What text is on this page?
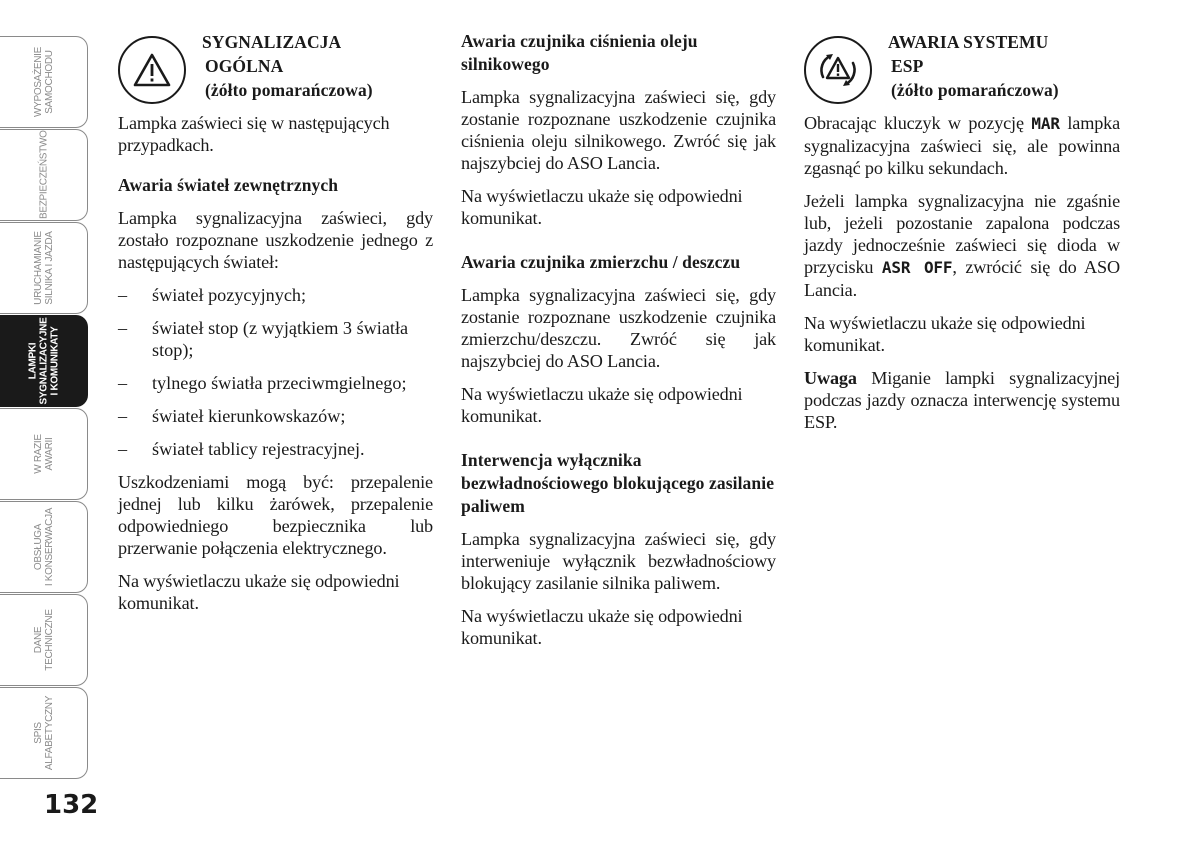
WYPOSAŻENIE SAMOCHODU
BEZPIECZEŃSTWO
URUCHAMIANIE SILNIKA I JAZDA
LAMPKI SYGNALIZACYJNE I KOMUNIKATY
W RAZIE AWARII
OBSŁUGA I KONSERWACJA
DANE TECHNICZNE
SPIS ALFABETYCZNY
132
SYGNALIZACJA
OGÓLNA
(żółto pomarańczowa)

Lampka zaświeci się w następujących przypadkach.

Awaria świateł zewnętrznych

Lampka sygnalizacyjna zaświeci, gdy zostało rozpoznane uszkodzenie jednego z następujących świateł:

– świateł pozycyjnych;
– świateł stop (z wyjątkiem 3 światła stop);
– tylnego światła przeciwmgielnego;
– świateł kierunkowskazów;
– świateł tablicy rejestracyjnej.

Uszkodzeniami mogą być: przepalenie jednej lub kilku żarówek, przepalenie odpowiedniego bezpiecznika lub przerwanie połączenia elektrycznego.

Na wyświetlaczu ukaże się odpowiedni komunikat.

Awaria czujnika ciśnienia oleju silnikowego

Lampka sygnalizacyjna zaświeci się, gdy zostanie rozpoznane uszkodzenie czujnika ciśnienia oleju silnikowego. Zwróć się jak najszybciej do ASO Lancia.

Na wyświetlaczu ukaże się odpowiedni komunikat.

Awaria czujnika zmierzchu / deszczu

Lampka sygnalizacyjna zaświeci się, gdy zostanie rozpoznane uszkodzenie czujnika zmierzchu/deszczu. Zwróć się jak najszybciej do ASO Lancia.

Na wyświetlaczu ukaże się odpowiedni komunikat.

Interwencja wyłącznika bezwładnościowego blokującego zasilanie paliwem

Lampka sygnalizacyjna zaświeci się, gdy interweniuje wyłącznik bezwładnościowy blokujący zasilanie silnika paliwem.

Na wyświetlaczu ukaże się odpowiedni komunikat.

AWARIA SYSTEMU
ESP
(żółto pomarańczowa)

Obracając kluczyk w pozycję MAR lampka sygnalizacyjna zaświeci się, ale powinna zgasnąć po kilku sekundach.

Jeżeli lampka sygnalizacyjna nie zgaśnie lub, jeżeli pozostanie zapalona podczas jazdy jednocześnie zaświeci się dioda w przycisku ASR OFF, zwrócić się do ASO Lancia.

Na wyświetlaczu ukaże się odpowiedni komunikat.

Uwaga Miganie lampki sygnalizacyjnej podczas jazdy oznacza interwencję systemu ESP.
